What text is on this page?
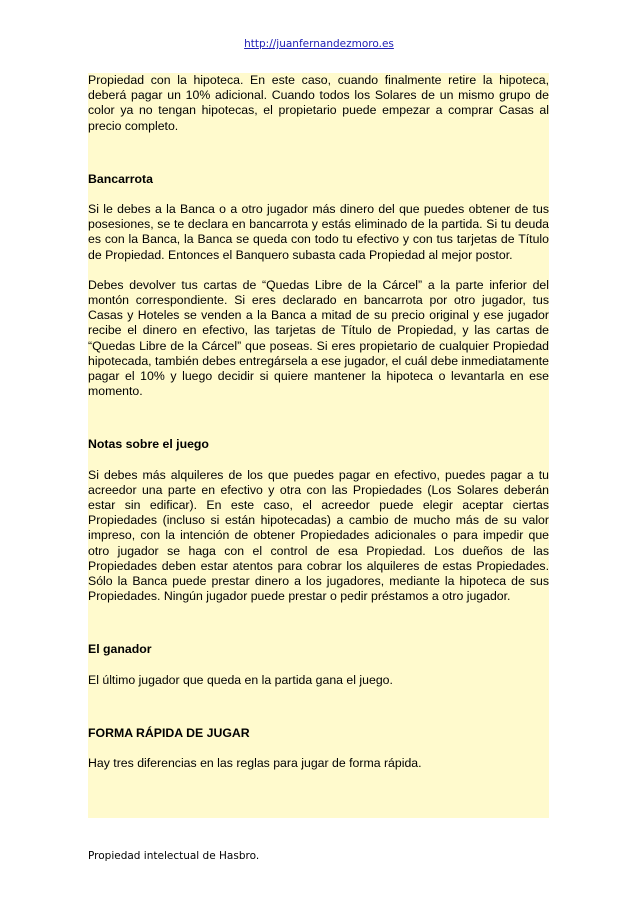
http://juanfernandezmoro.es

Propiedad con la hipoteca. En este caso, cuando finalmente retire la hipoteca, deberá pagar un 10% adicional. Cuando todos los Solares de un mismo grupo de color ya no tengan hipotecas, el propietario puede empezar a comprar Casas al precio completo.

Bancarrota

Si le debes a la Banca o a otro jugador más dinero del que puedes obtener de tus posesiones, se te declara en bancarrota y estás eliminado de la partida. Si tu deuda es con la Banca, la Banca se queda con todo tu efectivo y con tus tarjetas de Título de Propiedad. Entonces el Banquero subasta cada Propiedad al mejor postor.

Debes devolver tus cartas de “Quedas Libre de la Cárcel” a la parte inferior del montón correspondiente. Si eres declarado en bancarrota por otro jugador, tus Casas y Hoteles se venden a la Banca a mitad de su precio original y ese jugador recibe el dinero en efectivo, las tarjetas de Título de Propiedad, y las cartas de “Quedas Libre de la Cárcel” que poseas. Si eres propietario de cualquier Propiedad hipotecada, también debes entregársela a ese jugador, el cuál debe inmediatamente pagar el 10% y luego decidir si quiere mantener la hipoteca o levantarla en ese momento.

Notas sobre el juego

Si debes más alquileres de los que puedes pagar en efectivo, puedes pagar a tu acreedor una parte en efectivo y otra con las Propiedades (Los Solares deberán estar sin edificar). En este caso, el acreedor puede elegir aceptar ciertas Propiedades (incluso si están hipotecadas) a cambio de mucho más de su valor impreso, con la intención de obtener Propiedades adicionales o para impedir que otro jugador se haga con el control de esa Propiedad. Los dueños de las Propiedades deben estar atentos para cobrar los alquileres de estas Propiedades. Sólo la Banca puede prestar dinero a los jugadores, mediante la hipoteca de sus Propiedades. Ningún jugador puede prestar o pedir préstamos a otro jugador.

El ganador

El último jugador que queda en la partida gana el juego.

FORMA RÁPIDA DE JUGAR

Hay tres diferencias en las reglas para jugar de forma rápida.

Propiedad intelectual de Hasbro.
